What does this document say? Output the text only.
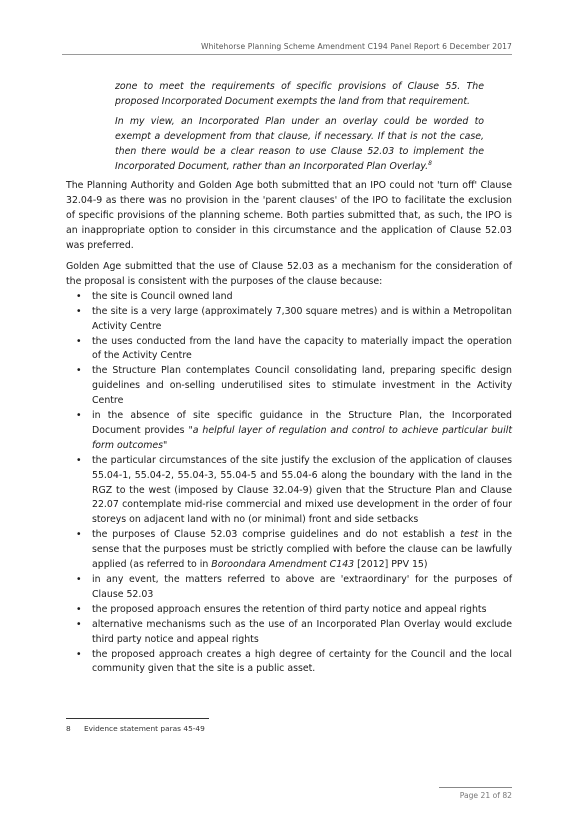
Whitehorse Planning Scheme Amendment C194 Panel Report 6 December 2017

zone to meet the requirements of specific provisions of Clause 55. The proposed Incorporated Document exempts the land from that requirement.

In my view, an Incorporated Plan under an overlay could be worded to exempt a development from that clause, if necessary. If that is not the case, then there would be a clear reason to use Clause 52.03 to implement the Incorporated Document, rather than an Incorporated Plan Overlay.$^8$

The Planning Authority and Golden Age both submitted that an IPO could not 'turn off' Clause 32.04-9 as there was no provision in the 'parent clauses' of the IPO to facilitate the exclusion of specific provisions of the planning scheme. Both parties submitted that, as such, the IPO is an inappropriate option to consider in this circumstance and the application of Clause 52.03 was preferred.

Golden Age submitted that the use of Clause 52.03 as a mechanism for the consideration of the proposal is consistent with the purposes of the clause because:

• the site is Council owned land
• the site is a very large (approximately 7,300 square metres) and is within a Metropolitan Activity Centre
• the uses conducted from the land have the capacity to materially impact the operation of the Activity Centre
• the Structure Plan contemplates Council consolidating land, preparing specific design guidelines and on-selling underutilised sites to stimulate investment in the Activity Centre
• in the absence of site specific guidance in the Structure Plan, the Incorporated Document provides "a helpful layer of regulation and control to achieve particular built form outcomes"
• the particular circumstances of the site justify the exclusion of the application of clauses 55.04-1, 55.04-2, 55.04-3, 55.04-5 and 55.04-6 along the boundary with the land in the RGZ to the west (imposed by Clause 32.04-9) given that the Structure Plan and Clause 22.07 contemplate mid-rise commercial and mixed use development in the order of four storeys on adjacent land with no (or minimal) front and side setbacks
• the purposes of Clause 52.03 comprise guidelines and do not establish a test in the sense that the purposes must be strictly complied with before the clause can be lawfully applied (as referred to in Boroondara Amendment C143 [2012] PPV 15)
• in any event, the matters referred to above are 'extraordinary' for the purposes of Clause 52.03
• the proposed approach ensures the retention of third party notice and appeal rights
• alternative mechanisms such as the use of an Incorporated Plan Overlay would exclude third party notice and appeal rights
• the proposed approach creates a high degree of certainty for the Council and the local community given that the site is a public asset.
8 Evidence statement paras 45-49
Page 21 of 82
